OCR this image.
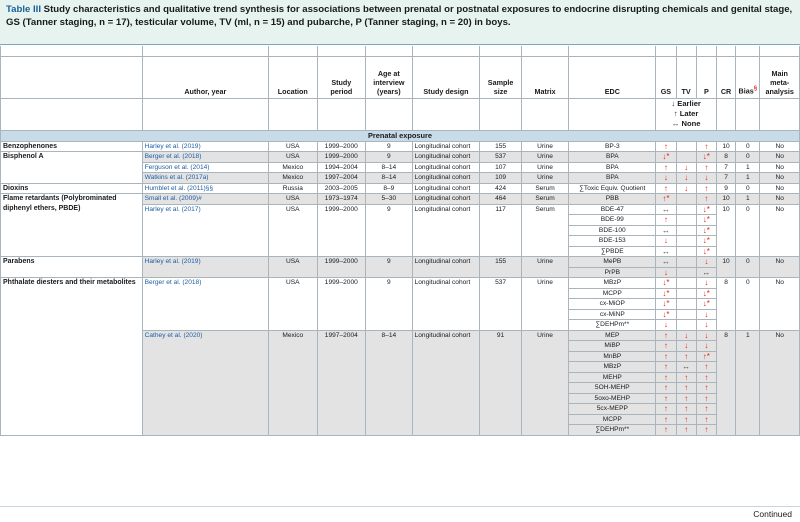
Table III Study characteristics and qualitative trend synthesis for associations between prenatal or postnatal exposures to endocrine disrupting chemicals and genital stage, GS (Tanner staging, n = 17), testicular volume, TV (ml, n = 15) and pubarche, P (Tanner staging, n = 20) in boys.

	Author, year	Location	Study period	Age at interview (years)	Study design	Sample size	Matrix	EDC	GS	TV	P	CR	Bias§	Main meta-analysis

									↓ Earlier
↑ Later
↔ None					

Prenatal exposure														
Benzophenones	Harley et al. (2019)	USA	1999–2000	9	Longitudinal cohort	155	Urine	BP-3	↑		↑	10	0	No
Bisphenol A	Berger et al. (2018)	USA	1999–2000	9	Longitudinal cohort	537	Urine	BPA	↓*		↓*	8	0	No
	Ferguson et al. (2014)	Mexico	1994–2004	8–14	Longitudinal cohort	107	Urine	BPA	↑	↓	↑	7	1	No
	Watkins et al. (2017a)	Mexico	1997–2004	8–14	Longitudinal cohort	109	Urine	BPA	↓	↓	↓	7	1	No
Dioxins	Humblet et al. (2011)§§	Russia	2003–2005	8–9	Longitudinal cohort	424	Serum	∑Toxic Equiv. Quotient	↑	↓	↑	9	0	No
Flame retardants (Polybrominated diphenyl ethers, PBDE)	Small et al. (2009)#	USA	1973–1974	5–30	Longitudinal cohort	464	Serum	PBB	↑*		↑	10	1	No
	Harley et al. (2017)	USA	1999–2000	9	Longitudinal cohort	117	Serum	BDE-47	↔		↓*	10	0	No
								BDE-99	↑		↓*			
								BDE-100	↔		↓*			
								BDE-153	↓		↓*			
								∑PBDE	↔		↓*			
Parabens	Harley et al. (2019)	USA	1999–2000	9	Longitudinal cohort	155	Urine	MePB	↔		↓	10	0	No
								PrPB	↓		↔			
Phthalate diesters and their metabolites	Berger et al. (2018)	USA	1999–2000	9	Longitudinal cohort	537	Urine	MBzP	↓*		↓	8	0	No
								MCPP	↓*		↓*			
								cx-MiOP	↓*		↓*			
								cx-MiNP	↓*		↓			
								∑DEHPm**	↓		↓			
	Cathey et al. (2020)	Mexico	1997–2004	8–14	Longitudinal cohort	91	Urine	MEP	↑	↓	↓	8	1	No
								MiBP	↑	↓	↓			
								MnBP	↑	↑	↑*			
								MBzP	↑	↔	↑			
								MEHP	↑	↑	↑			
								5OH-MEHP	↑	↑	↑			
								5oxo-MEHP	↑	↑	↑			
								5cx-MEPP	↑	↑	↑			
								MCPP	↑	↑	↑			
								∑DEHPm**	↑	↑	↑			
Continued
